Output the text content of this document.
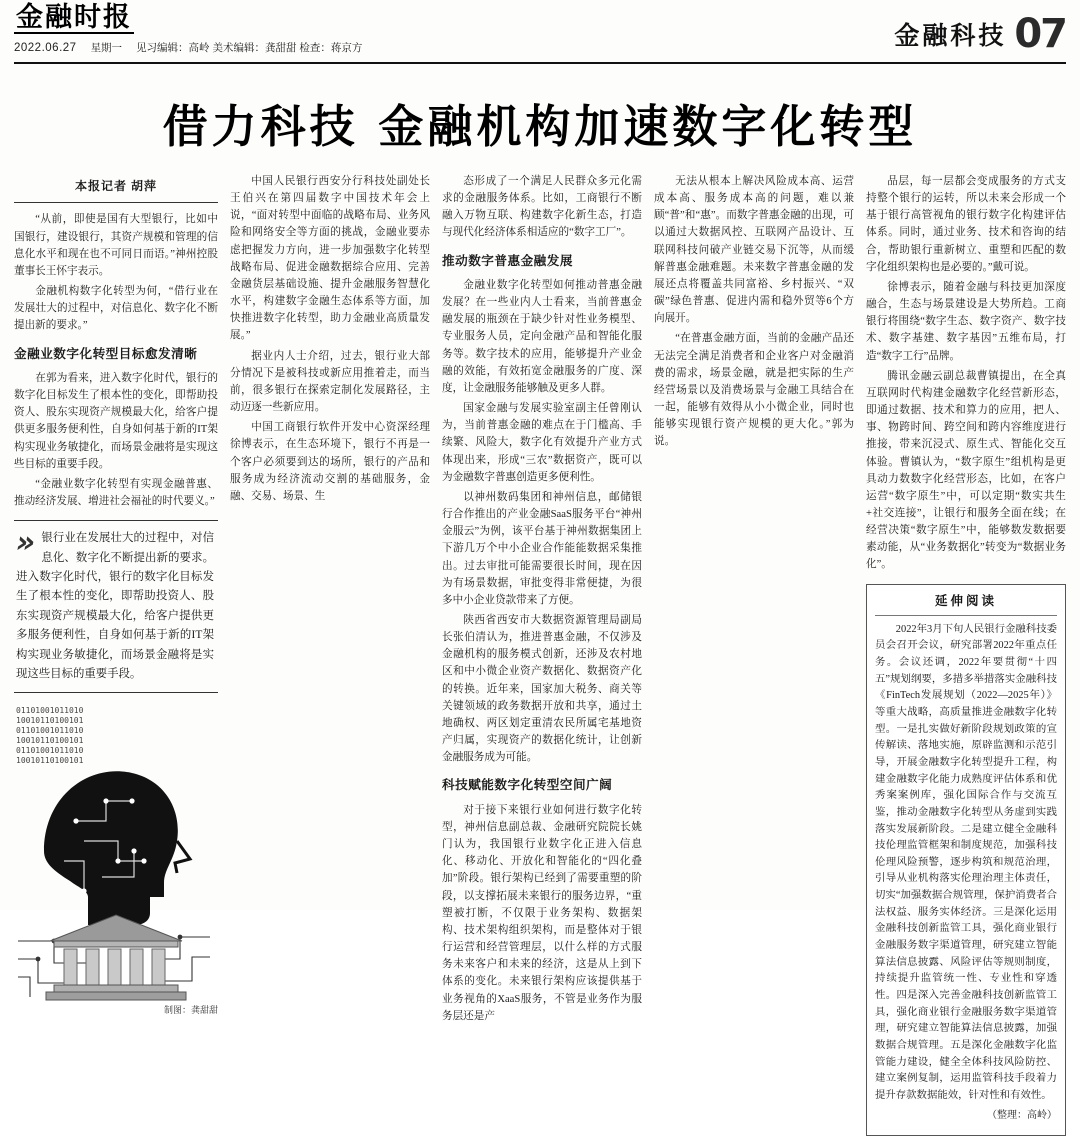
金融时报
2022.06.27 星期一 见习编辑：高岭 美术编辑：龚甜甜 检查：蒋京方	金融科技 07
借力科技 金融机构加速数字化转型
本报记者 胡萍

“从前，即使是国有大型银行，比如中国银行，建设银行，其资产规模和管理的信息化水平和现在也不可同日而语。”神州控股董事长王怀宇表示。

金融机构数字化转型为何，“借行业在发展壮大的过程中，对信息化、数字化不断提出新的要求。”

金融业数字化转型目标愈发清晰

在郭为看来，进入数字化时代，银行的数字化目标发生了根本性的变化，即帮助投资人、股东实现资产规模最大化，给客户提供更多服务便利性，自身如何基于新的IT架构实现业务敏捷化，而场景金融将是实现这些目标的重要手段。

“金融业数字化转型有实现金融普惠、推动经济发展、增进社会福祉的时代要义。”

» 银行业在发展壮大的过程中，对信息化、数字化不断提出新的要求。进入数字化时代，银行的数字化目标发生了根本性的变化，即帮助投资人、股东实现资产规模最大化，给客户提供更多服务便利性，自身如何基于新的IT架构实现业务敏捷化，而场景金融将是实现这些目标的重要手段。
01101001011010
10010110100101
01101001011010
10010110100101
01101001011010
10010110100101
制图：龚甜甜

中国人民银行西安分行科技处副处长王伯兴在第四届数字中国技术年会上说，“面对转型中面临的战略布局、业务风险和网络安全等方面的挑战，金融业要赤虑把握发力方向，进一步加强数字化转型战略布局、促进金融数据综合应用、完善金融货层基础设施、提升金融服务智慧化水平，构建数字金融生态体系等方面，加快推进数字化转型，助力金融业高质量发展。”

据业内人士介绍，过去，银行业大部分情况下是被科技或新应用推着走，而当前，很多银行在探索定制化发展路径，主动迈逐一些新应用。

中国工商银行软件开发中心资深经理徐博表示，在生态环境下，银行不再是一个客户必须要到达的场所，银行的产品和服务成为经济流动交割的基础服务，金融、交易、场景、生

态形成了一个满足人民群众多元化需求的金融服务体系。比如，工商银行不断融入万物互联、构建数字化新生态，打造与现代化经济体系相适应的“数字工厂”。

推动数字普惠金融发展

金融业数字化转型如何推动普惠金融发展？在一些业内人士看来，当前普惠金融发展的瓶颈在于缺少针对性业务模型、专业服务人员，定向金融产品和智能化服务等。数字技术的应用，能够提升产业金融的效能，有效拓宽金融服务的广度、深度，让金融服务能够触及更多人群。

国家金融与发展实验室副主任曾刚认为，当前普惠金融的难点在于门槛高、手续繁、风险大，数字化有效提升产业方式体现出来，形成“三农”数据资产，既可以为金融数字普惠创造更多便利性。

以神州数码集团和神州信息，邮储银行合作推出的产业金融SaaS服务平台“神州金服云”为例，该平台基于神州数据集团上下游几万个中小企业合作能能数据采集推出。过去审批可能需要很长时间，现在因为有场景数据，审批变得非常便捷，为很多中小企业贷款带来了方便。

陕西省西安市大数据资源管理局副局长张伯清认为，推进普惠金融，不仅涉及金融机构的服务模式创新，还涉及农村地区和中小微企业资产数据化、数据资产化的转换。近年来，国家加大税务、商关等关键领域的政务数据开放和共享，通过土地确权、两区划定重清农民所属宅基地资产归属，实现资产的数据化统计，让创新金融服务成为可能。

科技赋能数字化转型空间广阔

对于接下来银行业如何进行数字化转型，神州信息副总裁、金融研究院院长姚门认为，我国银行业数字化正进入信息化、移动化、开放化和智能化的“四化叠加”阶段。银行架构已经到了需要重塑的阶段，以支撑拓展未来银行的服务边界，“重塑被打断，不仅限于业务架构、数据架构、技术架构组织架构，而是整体对于银行运营和经营管理层，以什么样的方式服务未来客户和未来的经济，这是从上到下体系的变化。未来银行架构应该提供基于业务视角的XaaS服务，不管是业务作为服务层还是产

无法从根本上解决风险成本高、运营成本高、服务成本高的问题，难以兼顾“普”和“惠”。而数字普惠金融的出现，可以通过大数据风控、互联网产品设计、互联网科技问破产业链交易下沉等，从而缓解普惠金融难题。未来数字普惠金融的发展还点将覆盖共同富裕、乡村振兴、“双碳”绿色普惠、促进内需和稳外贸等6个方向展开。

“在普惠金融方面，当前的金融产品还无法完全满足消费者和企业客户对金融消费的需求，场景金融，就是把实际的生产经营场景以及消费场景与金融工具结合在一起，能够有效得从小小微企业，同时也能够实现银行资产规模的更大化。”郭为说。

品层，每一层都会变成服务的方式支持整个银行的运转，所以未来会形成一个基于银行高管视角的银行数字化构建评估体系。同时，通过业务、技术和咨询的结合，帮助银行重新树立、重塑和匹配的数字化组织架构也是必要的。”戴可说。

徐博表示，随着金融与科技更加深度融合，生态与场景建设是大势所趋。工商银行将围绕“数字生态、数字资产、数字技术、数字基建、数字基因”五维布局，打造“数字工行”品牌。

腾讯金融云副总裁曹镇提出，在全真互联网时代构建金融数字化经营新形态，即通过数据、技术和算力的应用，把人、事、物跨时间、跨空间和跨内容维度进行推接，带来沉浸式、原生式、智能化交互体验。曹镇认为，“数字原生”组机构是更具动力数数字化经营形态，比如，在客户运营“数字原生”中，可以定期“数实共生+社交连接”，让银行和服务全面在线；在经营决策“数字原生”中，能够数发数据要素动能，从“业务数据化”转变为“数据业务化”。

延伸阅读

2022年3月下旬人民银行金融科技委员会召开会议，研究部署2022年重点任务。会议还调，2022年要贯彻“十四五”规划纲要，多措多举措落实金融科技《FinTech发展规划（2022—2025年）》等重大战略，高质量推进金融数字化转型。一是扎实做好新阶段规划政策的宣传解读、落地实施，原辟监测和示范引导，开展金融数字化转型提升工程，构建金融数字化能力成熟度评估体系和优秀案案例库，强化国际合作与交流互鉴，推动金融数字化转型从务虚到实践落实发展新阶段。二是建立健全金融科技伦理监管框架和制度规范，加强科技伦理风险预警，逐步构筑和规范治理，引导从业机构落实伦理治理主体责任，切实“加强数据合规管理，保护消费者合法权益、服务实体经济。三是深化运用金融科技创新监管工具，强化商业银行金融服务数字渠道管理，研究建立智能算法信息披露、风险评估等规则制度，持续提升监管统一性、专业性和穿透性。四是深入完善金融科技创新监管工具，强化商业银行金融服务数字渠道管理，研究建立智能算法信息披露，加强数据合规管理。五是深化金融数字化监管能力建设，健全全体科技风险防控、建立案例复制，运用监管科技手段着力提升存款数据能效，针对性和有效性。

（整理：高岭）
